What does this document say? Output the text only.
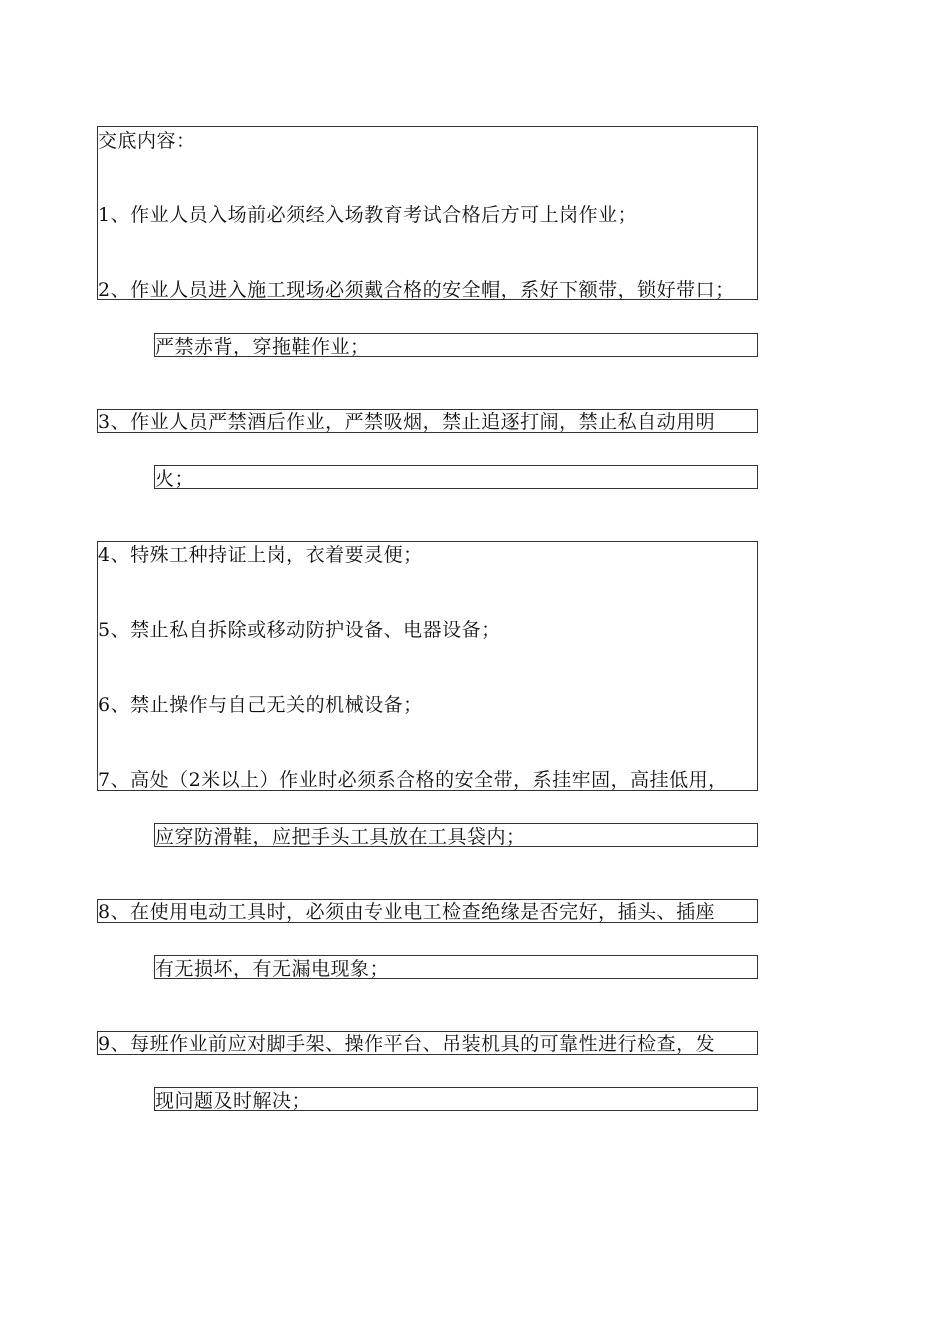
交底内容：
1、作业人员入场前必须经入场教育考试合格后方可上岗作业；
2、作业人员进入施工现场必须戴合格的安全帽，系好下额带，锁好带口；
严禁赤背，穿拖鞋作业；
3、作业人员严禁酒后作业，严禁吸烟，禁止追逐打闹，禁止私自动用明
火；
4、特殊工种持证上岗，衣着要灵便；
5、禁止私自拆除或移动防护设备、电器设备；
6、禁止操作与自己无关的机械设备；
7、高处（2米以上）作业时必须系合格的安全带，系挂牢固，高挂低用，
应穿防滑鞋，应把手头工具放在工具袋内；
8、在使用电动工具时，必须由专业电工检查绝缘是否完好，插头、插座
有无损坏，有无漏电现象；
9、每班作业前应对脚手架、操作平台、吊装机具的可靠性进行检查，发
现问题及时解决；
